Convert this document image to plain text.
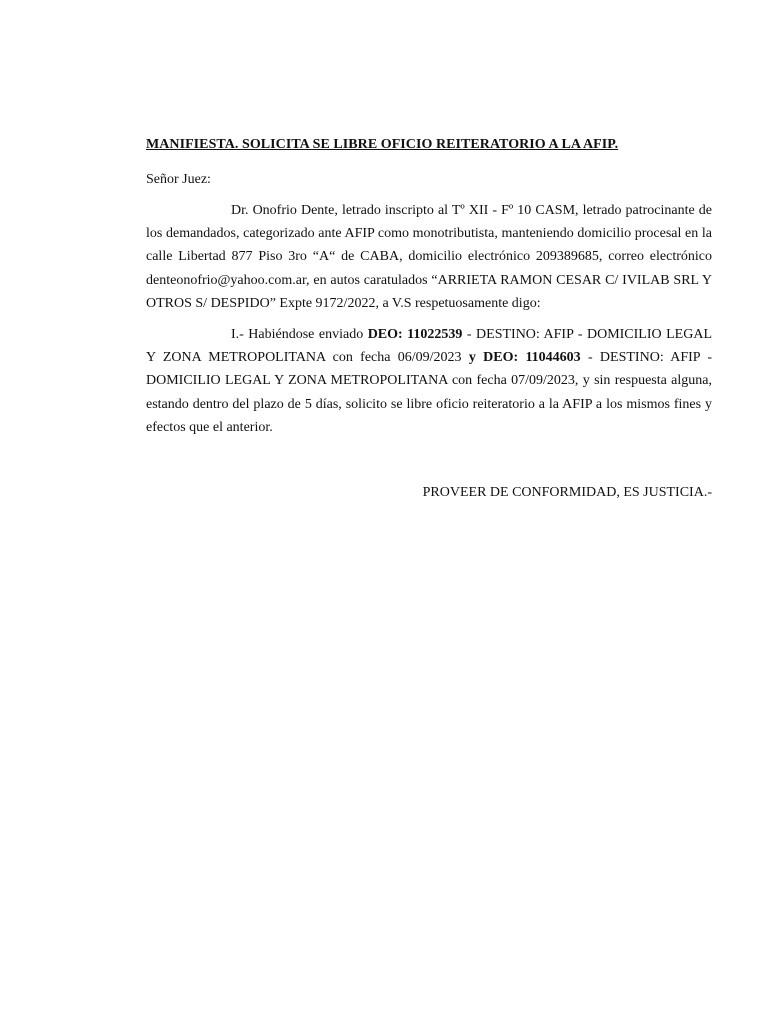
MANIFIESTA. SOLICITA SE LIBRE OFICIO REITERATORIO A LA AFIP.

Señor Juez:

Dr. Onofrio Dente, letrado inscripto al Tº XII - Fº 10 CASM, letrado patrocinante de los demandados, categorizado ante AFIP como monotributista, manteniendo domicilio procesal en la calle Libertad 877 Piso 3ro “A“ de CABA, domicilio electrónico 209389685, correo electrónico denteonofrio@yahoo.com.ar, en autos caratulados “ARRIETA RAMON CESAR C/ IVILAB SRL Y OTROS S/ DESPIDO” Expte 9172/2022, a V.S respetuosamente digo:

I.- Habiéndose enviado DEO: 11022539 - DESTINO: AFIP - DOMICILIO LEGAL Y ZONA METROPOLITANA con fecha 06/09/2023 y DEO: 11044603 - DESTINO: AFIP - DOMICILIO LEGAL Y ZONA METROPOLITANA con fecha 07/09/2023, y sin respuesta alguna, estando dentro del plazo de 5 días, solicito se libre oficio reiteratorio a la AFIP a los mismos fines y efectos que el anterior.

PROVEER DE CONFORMIDAD, ES JUSTICIA.-
